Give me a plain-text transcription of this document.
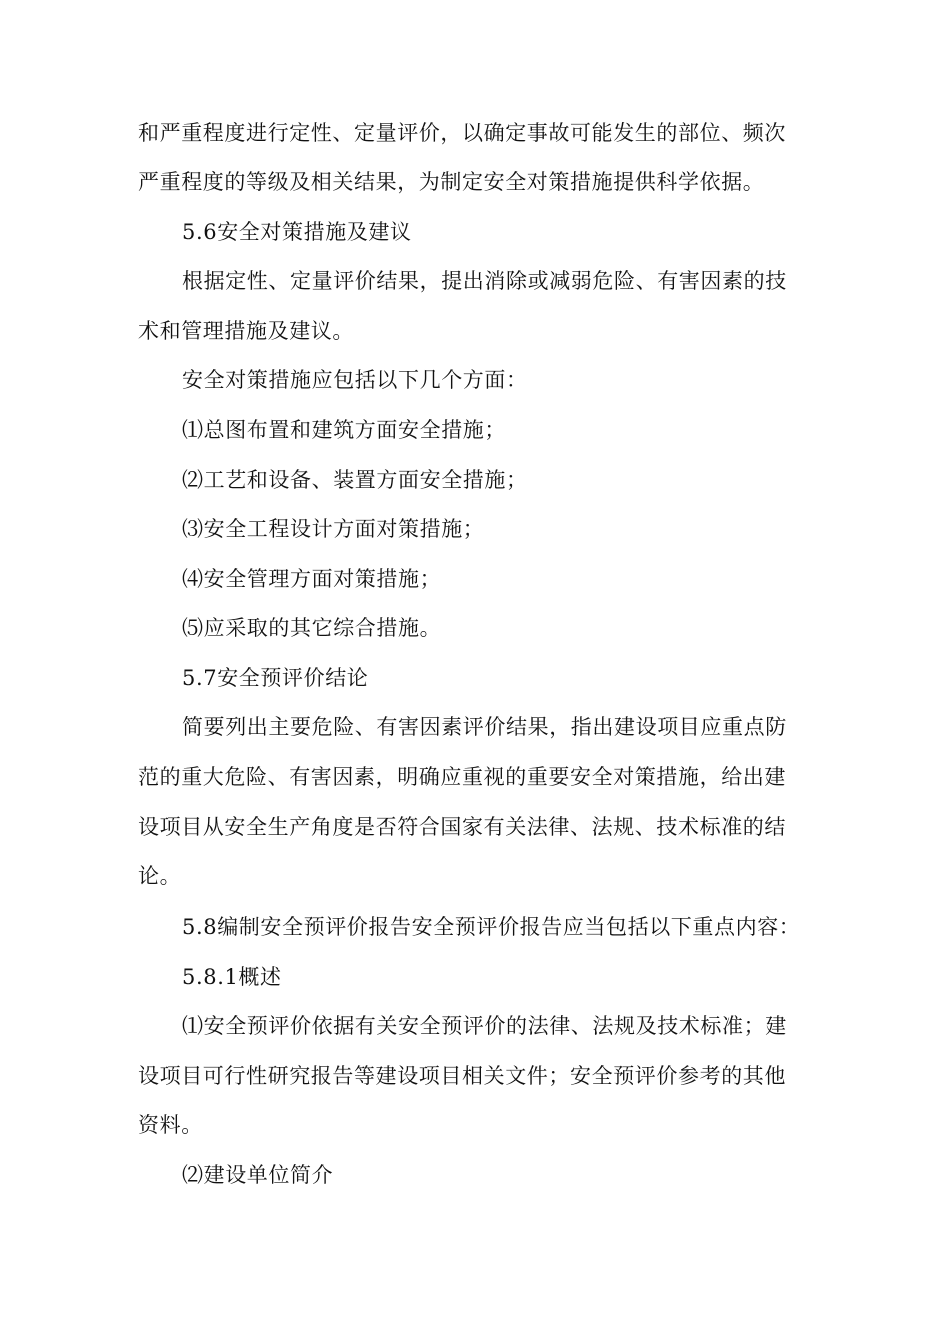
和严重程度进行定性、定量评价，以确定事故可能发生的部位、频次
严重程度的等级及相关结果，为制定安全对策措施提供科学依据。
5.6安全对策措施及建议
根据定性、定量评价结果，提出消除或减弱危险、有害因素的技
术和管理措施及建议。
安全对策措施应包括以下几个方面：
⑴总图布置和建筑方面安全措施；
⑵工艺和设备、装置方面安全措施；
⑶安全工程设计方面对策措施；
⑷安全管理方面对策措施；
⑸应采取的其它综合措施。
5.7安全预评价结论
简要列出主要危险、有害因素评价结果，指出建设项目应重点防
范的重大危险、有害因素，明确应重视的重要安全对策措施，给出建
设项目从安全生产角度是否符合国家有关法律、法规、技术标准的结
论。
5.8编制安全预评价报告安全预评价报告应当包括以下重点内容：
5.8.1概述
⑴安全预评价依据有关安全预评价的法律、法规及技术标准；建
设项目可行性研究报告等建设项目相关文件；安全预评价参考的其他
资料。
⑵建设单位简介
